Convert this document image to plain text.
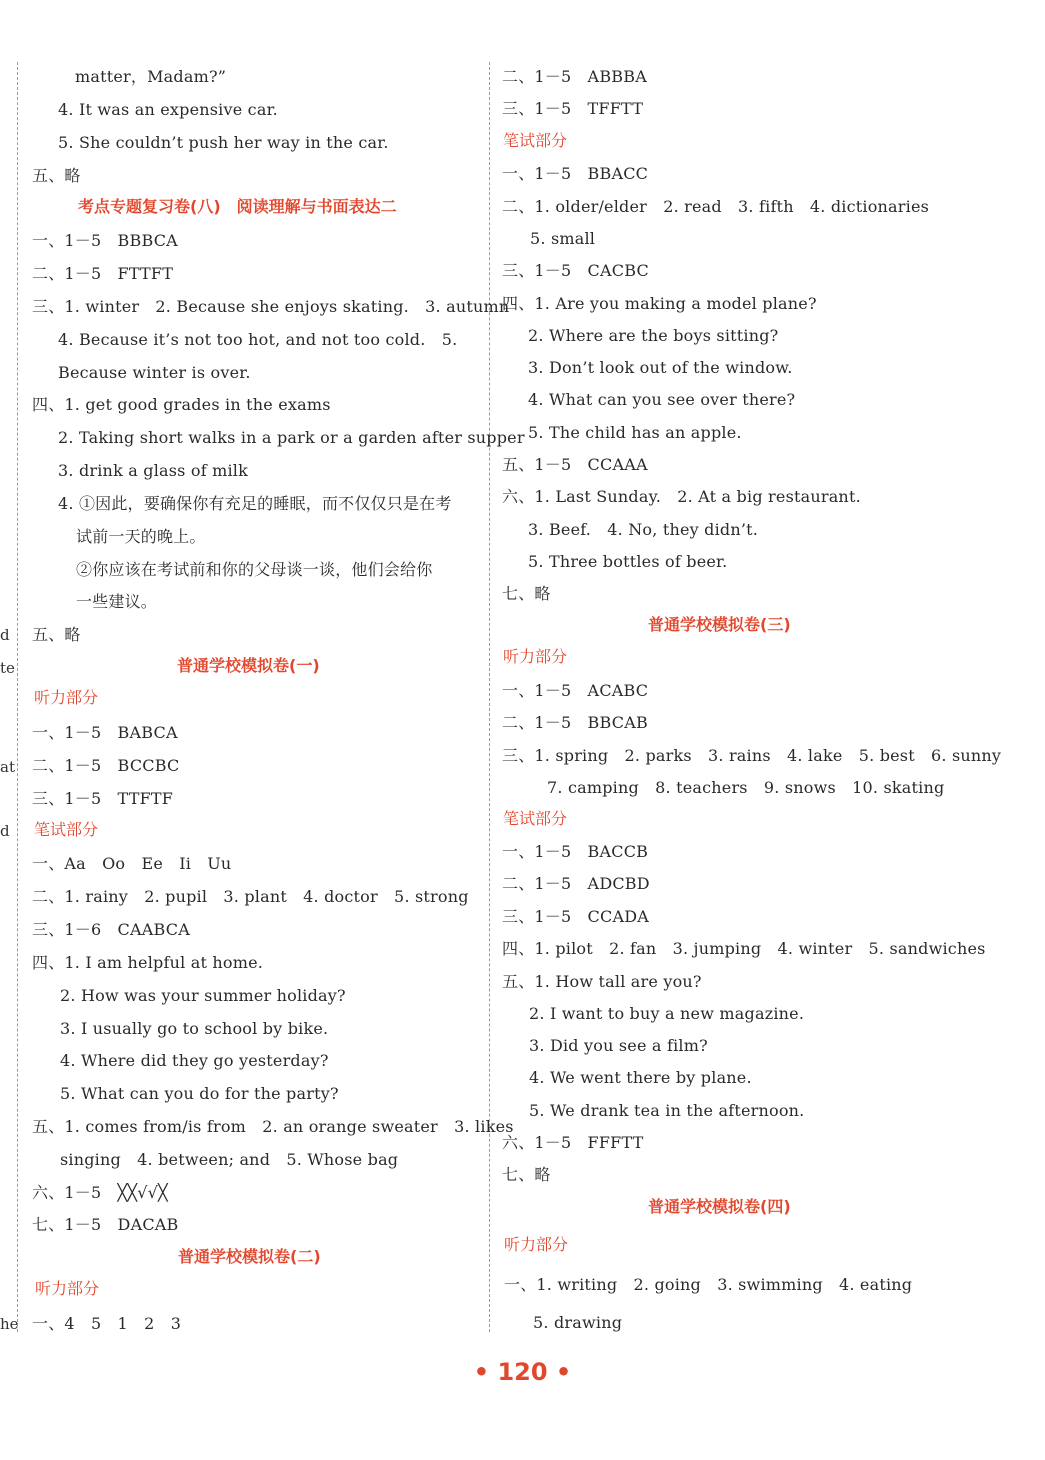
d
te
at
d
he
matter，Madam?”
4. It was an expensive car.
5. She couldn’t push her way in the car.
五、略
考点专题复习卷(八)　阅读理解与书面表达二
一、1－5　BBBCA
二、1－5　FTTFT
三、1. winter　2. Because she enjoys skating.　3. autumn
4. Because it’s not too hot, and not too cold.　5.
Because winter is over.
四、1. get good grades in the exams
2. Taking short walks in a park or a garden after supper
3. drink a glass of milk
4. ①因此，要确保你有充足的睡眠，而不仅仅只是在考
试前一天的晚上。
②你应该在考试前和你的父母谈一谈，他们会给你
一些建议。
五、略
普通学校模拟卷(一)
听力部分
一、1－5　BABCA
二、1－5　BCCBC
三、1－5　TTFTF
笔试部分
一、Aa　Oo　Ee　Ii　Uu
二、1. rainy　2. pupil　3. plant　4. doctor　5. strong
三、1－6　CAABCA
四、1. I am helpful at home.
2. How was your summer holiday?
3. I usually go to school by bike.
4. Where did they go yesterday?
5. What can you do for the party?
五、1. comes from/is from　2. an orange sweater　3. likes
singing　4. between; and　5. Whose bag
六、1－5　╳╳√√╳
七、1－5　DACAB
普通学校模拟卷(二)
听力部分
一、4　5　1　2　3
二、1－5　ABBBA
三、1－5　TFFTT
笔试部分
一、1－5　BBACC
二、1. older/elder　2. read　3. fifth　4. dictionaries
5. small
三、1－5　CACBC
四、1. Are you making a model plane?
2. Where are the boys sitting?
3. Don’t look out of the window.
4. What can you see over there?
5. The child has an apple.
五、1－5　CCAAA
六、1. Last Sunday.　2. At a big restaurant.
3. Beef.　4. No, they didn’t.
5. Three bottles of beer.
七、略
普通学校模拟卷(三)
听力部分
一、1－5　ACABC
二、1－5　BBCAB
三、1. spring　2. parks　3. rains　4. lake　5. best　6. sunny
7. camping　8. teachers　9. snows　10. skating
笔试部分
一、1－5　BACCB
二、1－5　ADCBD
三、1－5　CCADA
四、1. pilot　2. fan　3. jumping　4. winter　5. sandwiches
五、1. How tall are you?
2. I want to buy a new magazine.
3. Did you see a film?
4. We went there by plane.
5. We drank tea in the afternoon.
六、1－5　FFFTT
七、略
普通学校模拟卷(四)
听力部分
一、1. writing　2. going　3. swimming　4. eating
5. drawing
• 120 •
